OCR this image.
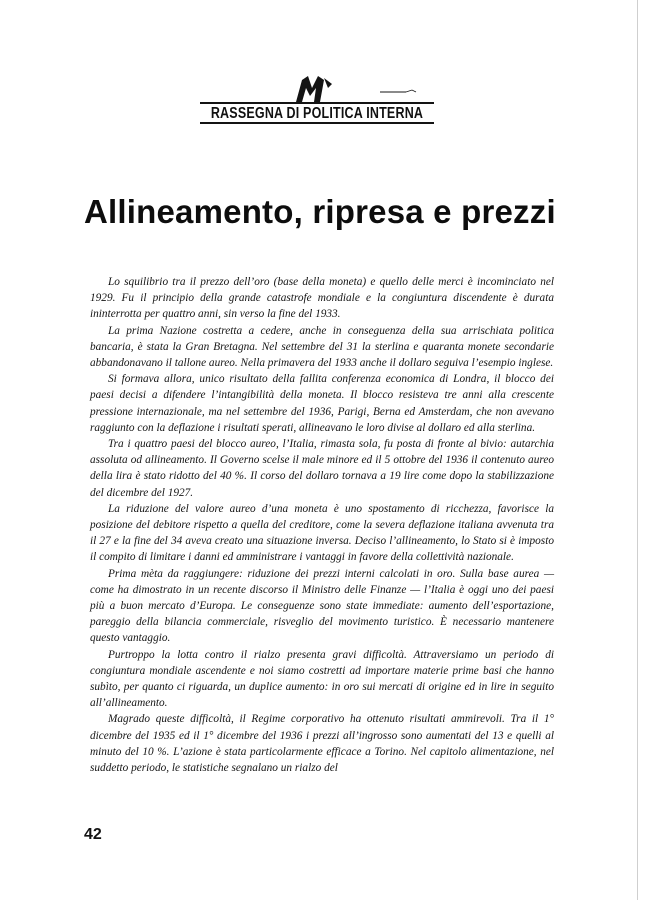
RASSEGNA DI POLITICA INTERNA
Allineamento, ripresa e prezzi

Lo squilibrio tra il prezzo dell’oro (base della moneta) e quello delle merci è incominciato nel 1929. Fu il principio della grande catastrofe mondiale e la congiuntura discendente è durata ininterrotta per quattro anni, sin verso la fine del 1933.

La prima Nazione costretta a cedere, anche in conseguenza della sua arrischiata politica bancaria, è stata la Gran Bretagna. Nel settembre del 31 la sterlina e quaranta monete secondarie abbandonavano il tallone aureo. Nella primavera del 1933 anche il dollaro seguiva l’esempio inglese.

Si formava allora, unico risultato della fallita conferenza economica di Londra, il blocco dei paesi decisi a difendere l’intangibilità della moneta. Il blocco resisteva tre anni alla crescente pressione internazionale, ma nel settembre del 1936, Parigi, Berna ed Amsterdam, che non avevano raggiunto con la deflazione i risultati sperati, allineavano le loro divise al dollaro ed alla sterlina.

Tra i quattro paesi del blocco aureo, l’Italia, rimasta sola, fu posta di fronte al bivio: autarchia assoluta od allineamento. Il Governo scelse il male minore ed il 5 ottobre del 1936 il contenuto aureo della lira è stato ridotto del 40 %. Il corso del dollaro tornava a 19 lire come dopo la stabilizzazione del dicembre del 1927.

La riduzione del valore aureo d’una moneta è uno spostamento di ricchezza, favorisce la posizione del debitore rispetto a quella del creditore, come la severa deflazione italiana avvenuta tra il 27 e la fine del 34 aveva creato una situazione inversa. Deciso l’allineamento, lo Stato si è imposto il compito di limitare i danni ed amministrare i vantaggi in favore della collettività nazionale.

Prima mèta da raggiungere: riduzione dei prezzi interni calcolati in oro. Sulla base aurea — come ha dimostrato in un recente discorso il Ministro delle Finanze — l’Italia è oggi uno dei paesi più a buon mercato d’Europa. Le conseguenze sono state immediate: aumento dell’esportazione, pareggio della bilancia commerciale, risveglio del movimento turistico. È necessario mantenere questo vantaggio.

Purtroppo la lotta contro il rialzo presenta gravi difficoltà. Attraversiamo un periodo di congiuntura mondiale ascendente e noi siamo costretti ad importare materie prime basi che hanno subìto, per quanto ci riguarda, un duplice aumento: in oro sui mercati di origine ed in lire in seguito all’allineamento.

Magrado queste difficoltà, il Regime corporativo ha ottenuto risultati ammirevoli. Tra il 1° dicembre del 1935 ed il 1° dicembre del 1936 i prezzi all’ingrosso sono aumentati del 13 e quelli al minuto del 10 %. L’azione è stata particolarmente efficace a Torino. Nel capitolo alimentazione, nel suddetto periodo, le statistiche segnalano un rialzo del

42
